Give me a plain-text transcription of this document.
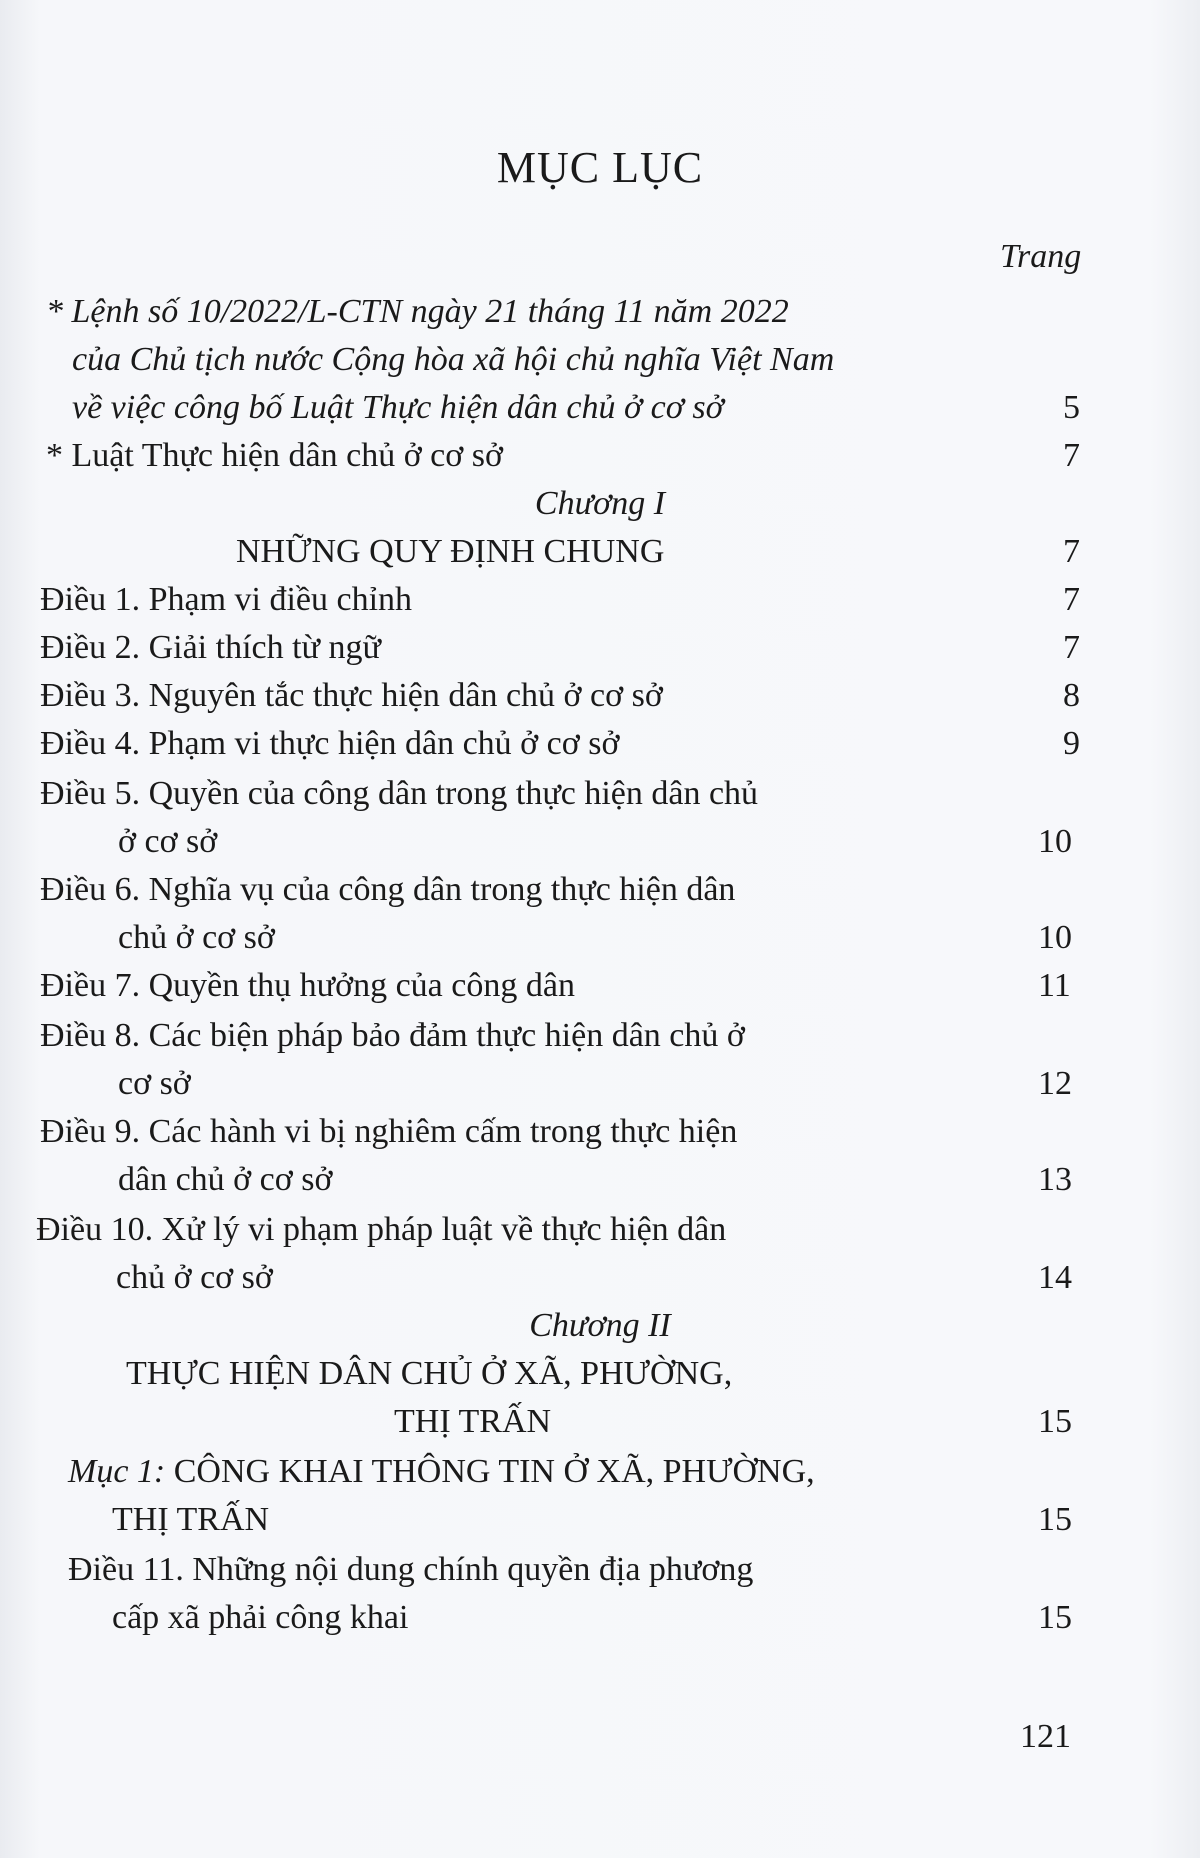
MỤC LỤC
Trang
* Lệnh số 10/2022/L-CTN ngày 21 tháng 11 năm 2022
của Chủ tịch nước Cộng hòa xã hội chủ nghĩa Việt Nam
về việc công bố Luật Thực hiện dân chủ ở cơ sở	5
* Luật Thực hiện dân chủ ở cơ sở	7
Chương I
NHỮNG QUY ĐỊNH CHUNG	7
Điều 1. Phạm vi điều chỉnh	7
Điều 2. Giải thích từ ngữ	7
Điều 3. Nguyên tắc thực hiện dân chủ ở cơ sở	8
Điều 4. Phạm vi thực hiện dân chủ ở cơ sở	9
Điều 5. Quyền của công dân trong thực hiện dân chủ
ở cơ sở	10
Điều 6. Nghĩa vụ của công dân trong thực hiện dân
chủ ở cơ sở	10
Điều 7. Quyền thụ hưởng của công dân	11
Điều 8. Các biện pháp bảo đảm thực hiện dân chủ ở
cơ sở	12
Điều 9. Các hành vi bị nghiêm cấm trong thực hiện
dân chủ ở cơ sở	13
Điều 10. Xử lý vi phạm pháp luật về thực hiện dân
chủ ở cơ sở	14
Chương II
THỰC HIỆN DÂN CHỦ Ở XÃ, PHƯỜNG,
THỊ TRẤN	15
Mục 1: CÔNG KHAI THÔNG TIN Ở XÃ, PHƯỜNG,
THỊ TRẤN	15
Điều 11. Những nội dung chính quyền địa phương
cấp xã phải công khai	15
121
